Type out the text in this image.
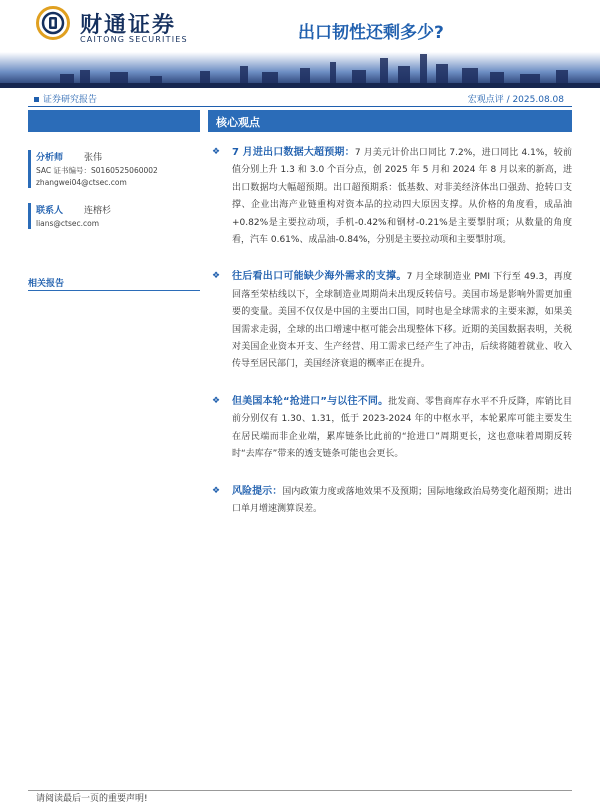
财通证券
CAITONG SECURITIES	出口韧性还剩多少?
证券研究报告	宏观点评 / 2025.08.08
核心观点
分析师 张伟
SAC 证书编号：S0160525060002
zhangwei04@ctsec.com
联系人 连榕杉
lians@ctsec.com
相关报告
❖ 7 月进出口数据大超预期：7 月美元计价出口同比 7.2%，进口同比 4.1%，较前值分别上升 1.3 和 3.0 个百分点，创 2025 年 5 月和 2024 年 8 月以来的新高，进出口数据均大幅超预期。出口超预期系：低基数、对非美经济体出口强劲、抢转口支撑、企业出海产业链重构对资本品的拉动四大原因支撑。从价格的角度看，成品油+0.82%是主要拉动项，手机-0.42%和钢材-0.21%是主要掣肘项；从数量的角度看，汽车 0.61%、成品油-0.84%，分别是主要拉动项和主要掣肘项。
❖ 往后看出口可能缺少海外需求的支撑。7 月全球制造业 PMI 下行至 49.3，再度回落至荣枯线以下，全球制造业周期尚未出现反转信号。美国市场是影响外需更加重要的变量。美国不仅仅是中国的主要出口国，同时也是全球需求的主要来源，如果美国需求走弱，全球的出口增速中枢可能会出现整体下移。近期的美国数据表明，关税对美国企业资本开支、生产经营、用工需求已经产生了冲击，后续将随着就业、收入传导至居民部门，美国经济衰退的概率正在提升。
❖ 但美国本轮“抢进口”与以往不同。批发商、零售商库存水平不升反降，库销比目前分别仅有 1.30、1.31，低于 2023-2024 年的中枢水平，本轮累库可能主要发生在居民端而非企业端，累库链条比此前的“抢进口”周期更长，这也意味着周期反转时“去库存”带来的透支链条可能也会更长。
❖ 风险提示：国内政策力度或落地效果不及预期；国际地缘政治局势变化超预期；进出口单月增速测算误差。
请阅读最后一页的重要声明!
